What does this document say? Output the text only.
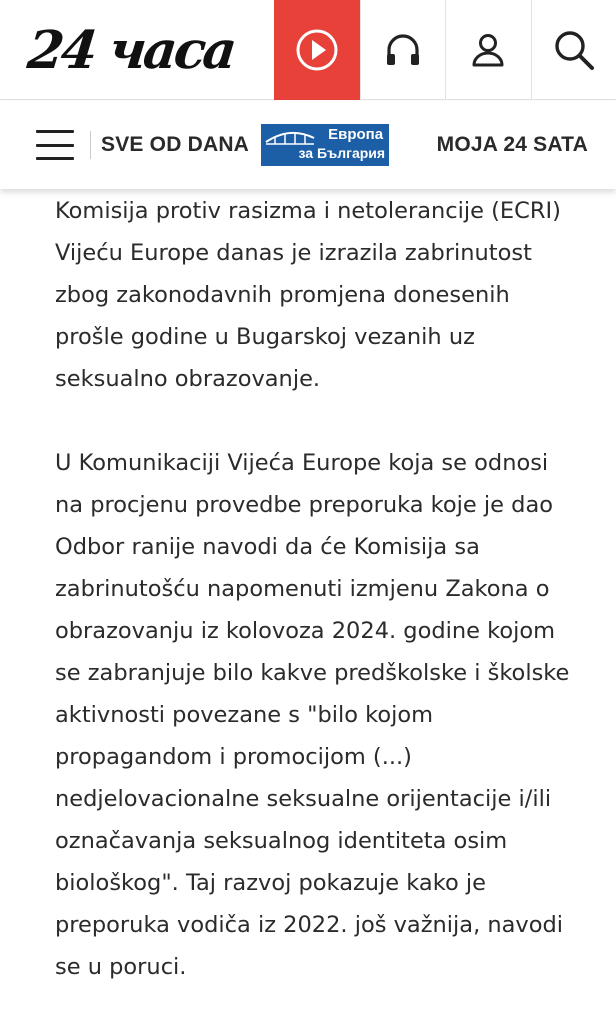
24 часа
SVE OD DANA	Европа
за България MOJA 24 SATA

Komisija protiv rasizma i netolerancije (ECRI) Vijeću Europe danas je izrazila zabrinutost zbog zakonodavnih promjena donesenih prošle godine u Bugarskoj vezanih uz seksualno obrazovanje.

U Komunikaciji Vijeća Europe koja se odnosi na procjenu provedbe preporuka koje je dao Odbor ranije navodi da će Komisija sa zabrinutošću napomenuti izmjenu Zakona o obrazovanju iz kolovoza 2024. godine kojom se zabranjuje bilo kakve predškolske i školske aktivnosti povezane s "bilo kojom propagandom i promocijom (...) nedjelovacionalne seksualne orijentacije i/ili označavanja seksualnog identiteta osim biološkog". Taj razvoj pokazuje kako je preporuka vodiča iz 2022. još važnija, navodi se u poruci.
